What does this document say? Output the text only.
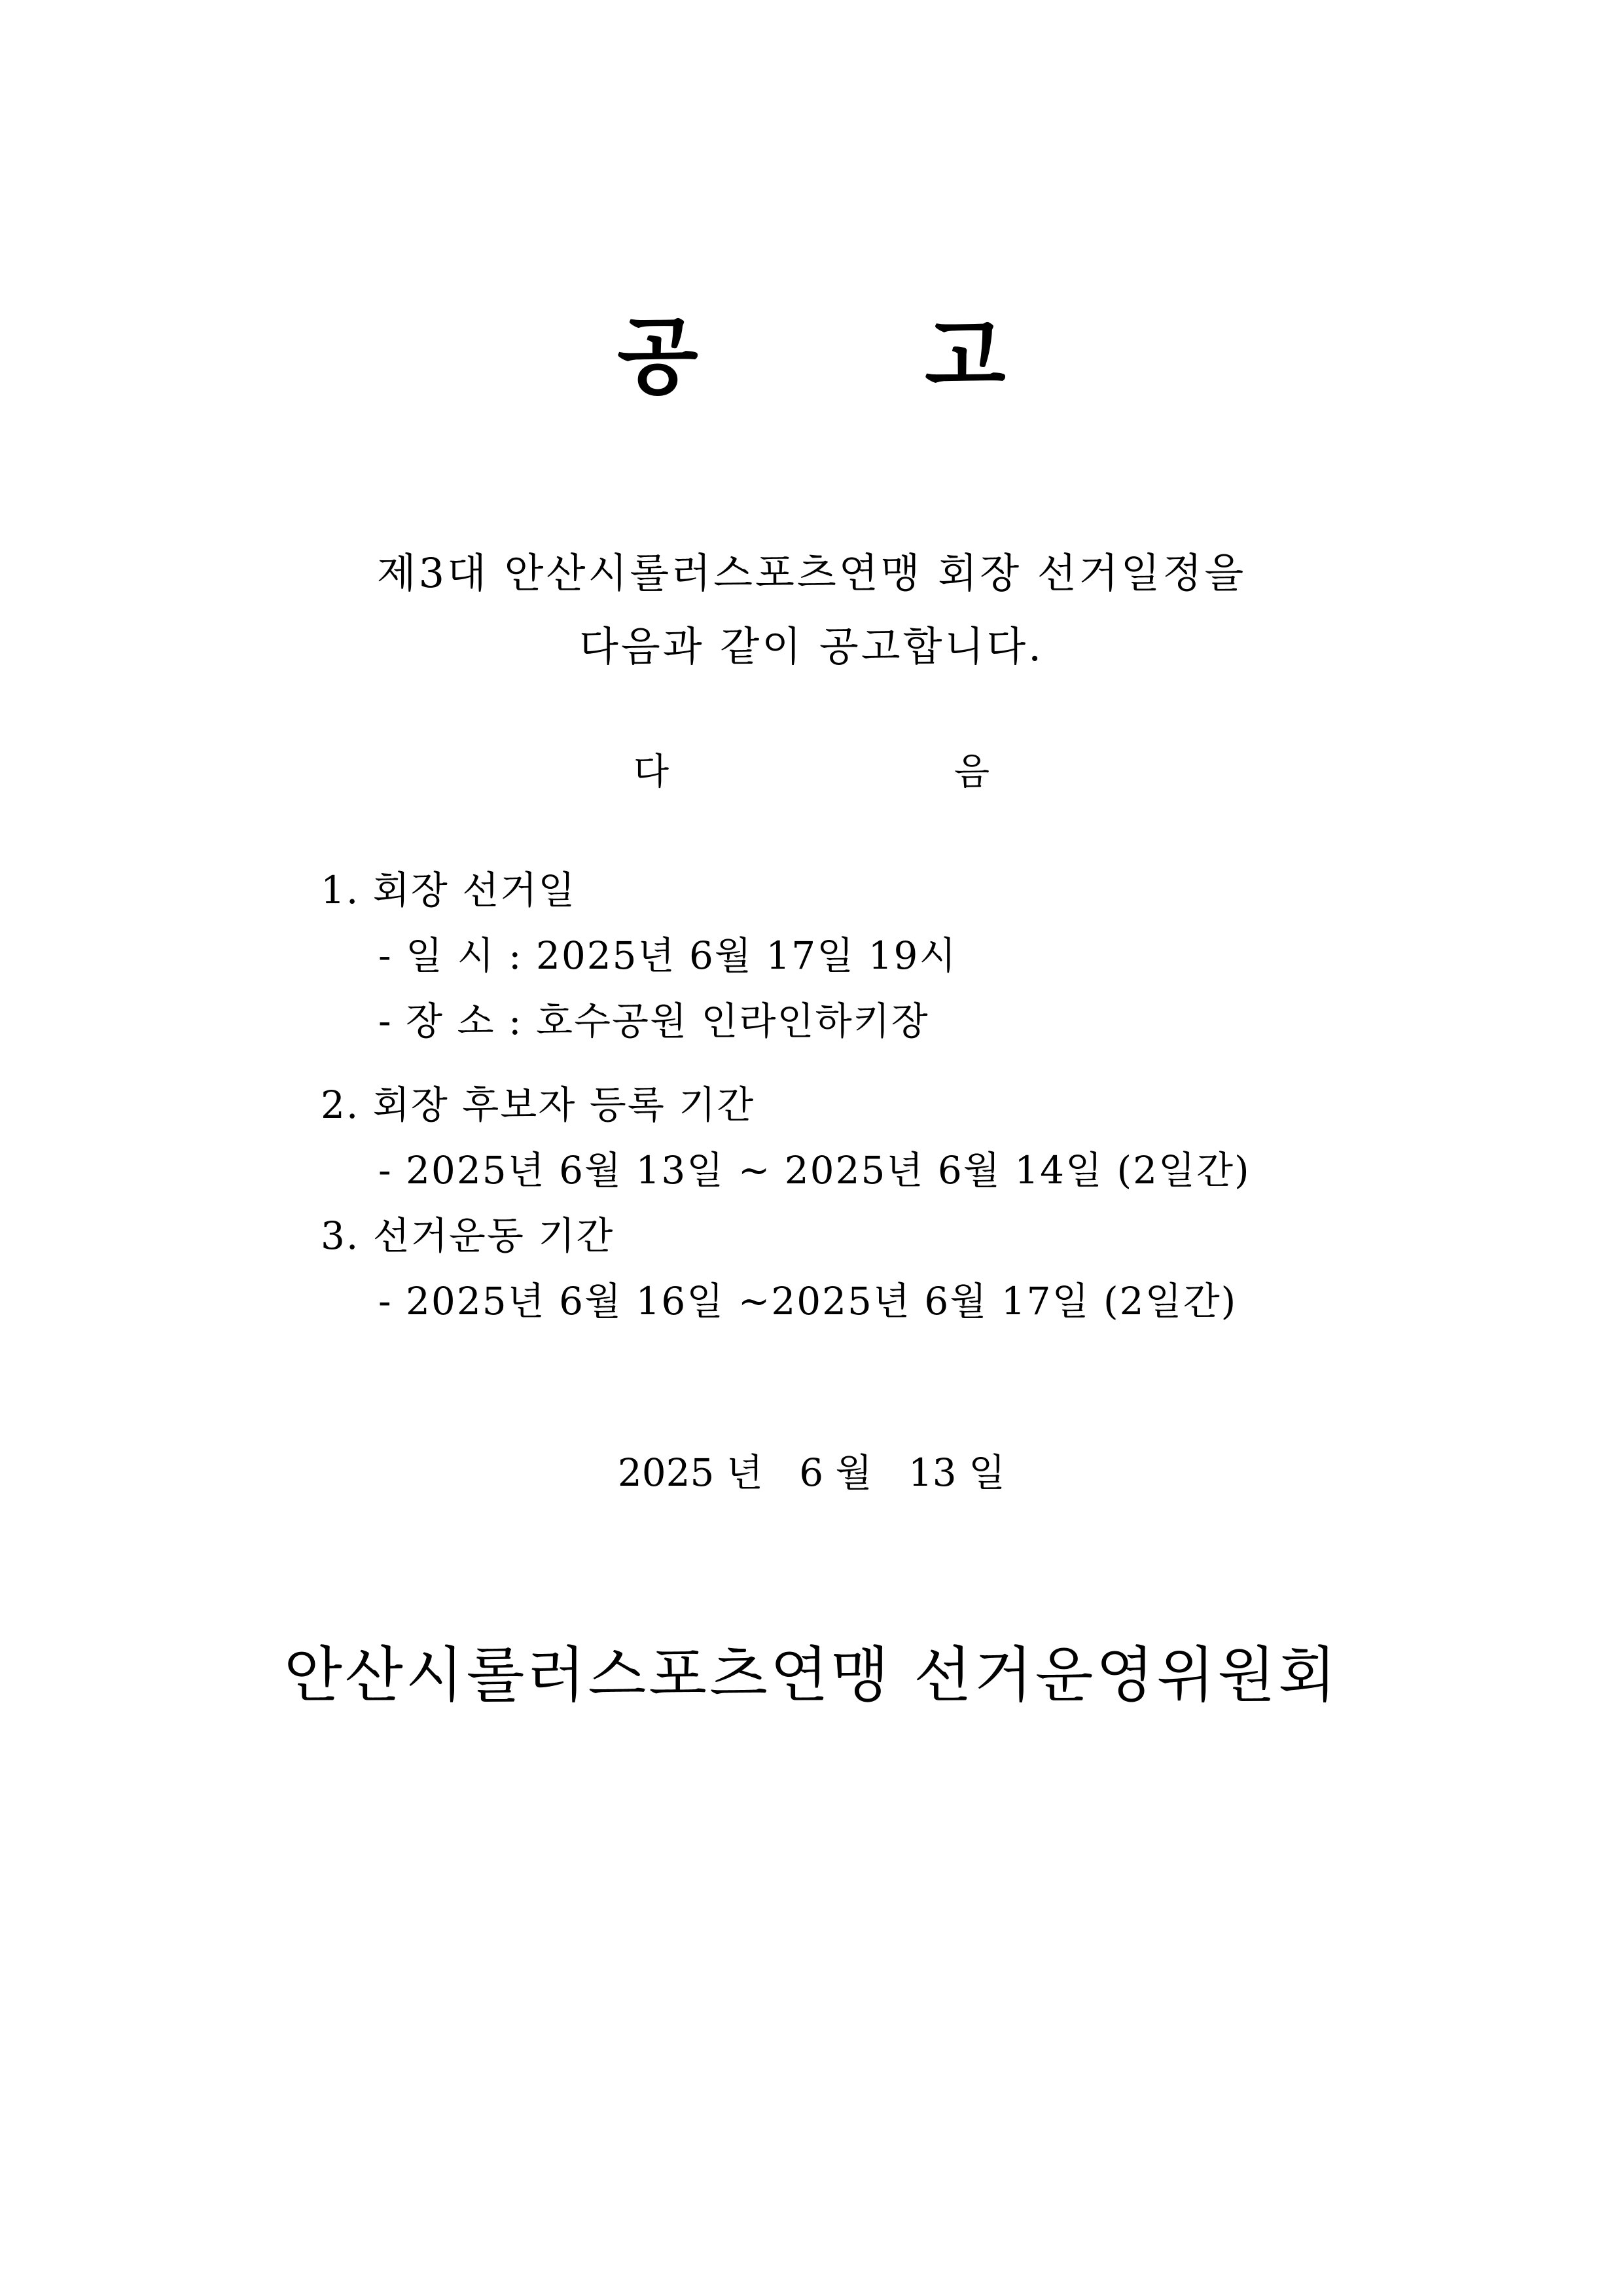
공	고
제3대 안산시롤러스포츠연맹 회장 선거일정을
다음과 같이 공고합니다.
다	음
1. 회장 선거일
- 일 시 : 2025년 6월 17일 19시
- 장 소 : 호수공원 인라인하키장
2. 회장 후보자 등록 기간
- 2025년 6월 13일 ~ 2025년 6월 14일 (2일간)
3. 선거운동 기간
- 2025년 6월 16일 ~2025년 6월 17일 (2일간)
2025 년   6 월   13 일
안산시롤러스포츠연맹 선거운영위원회
